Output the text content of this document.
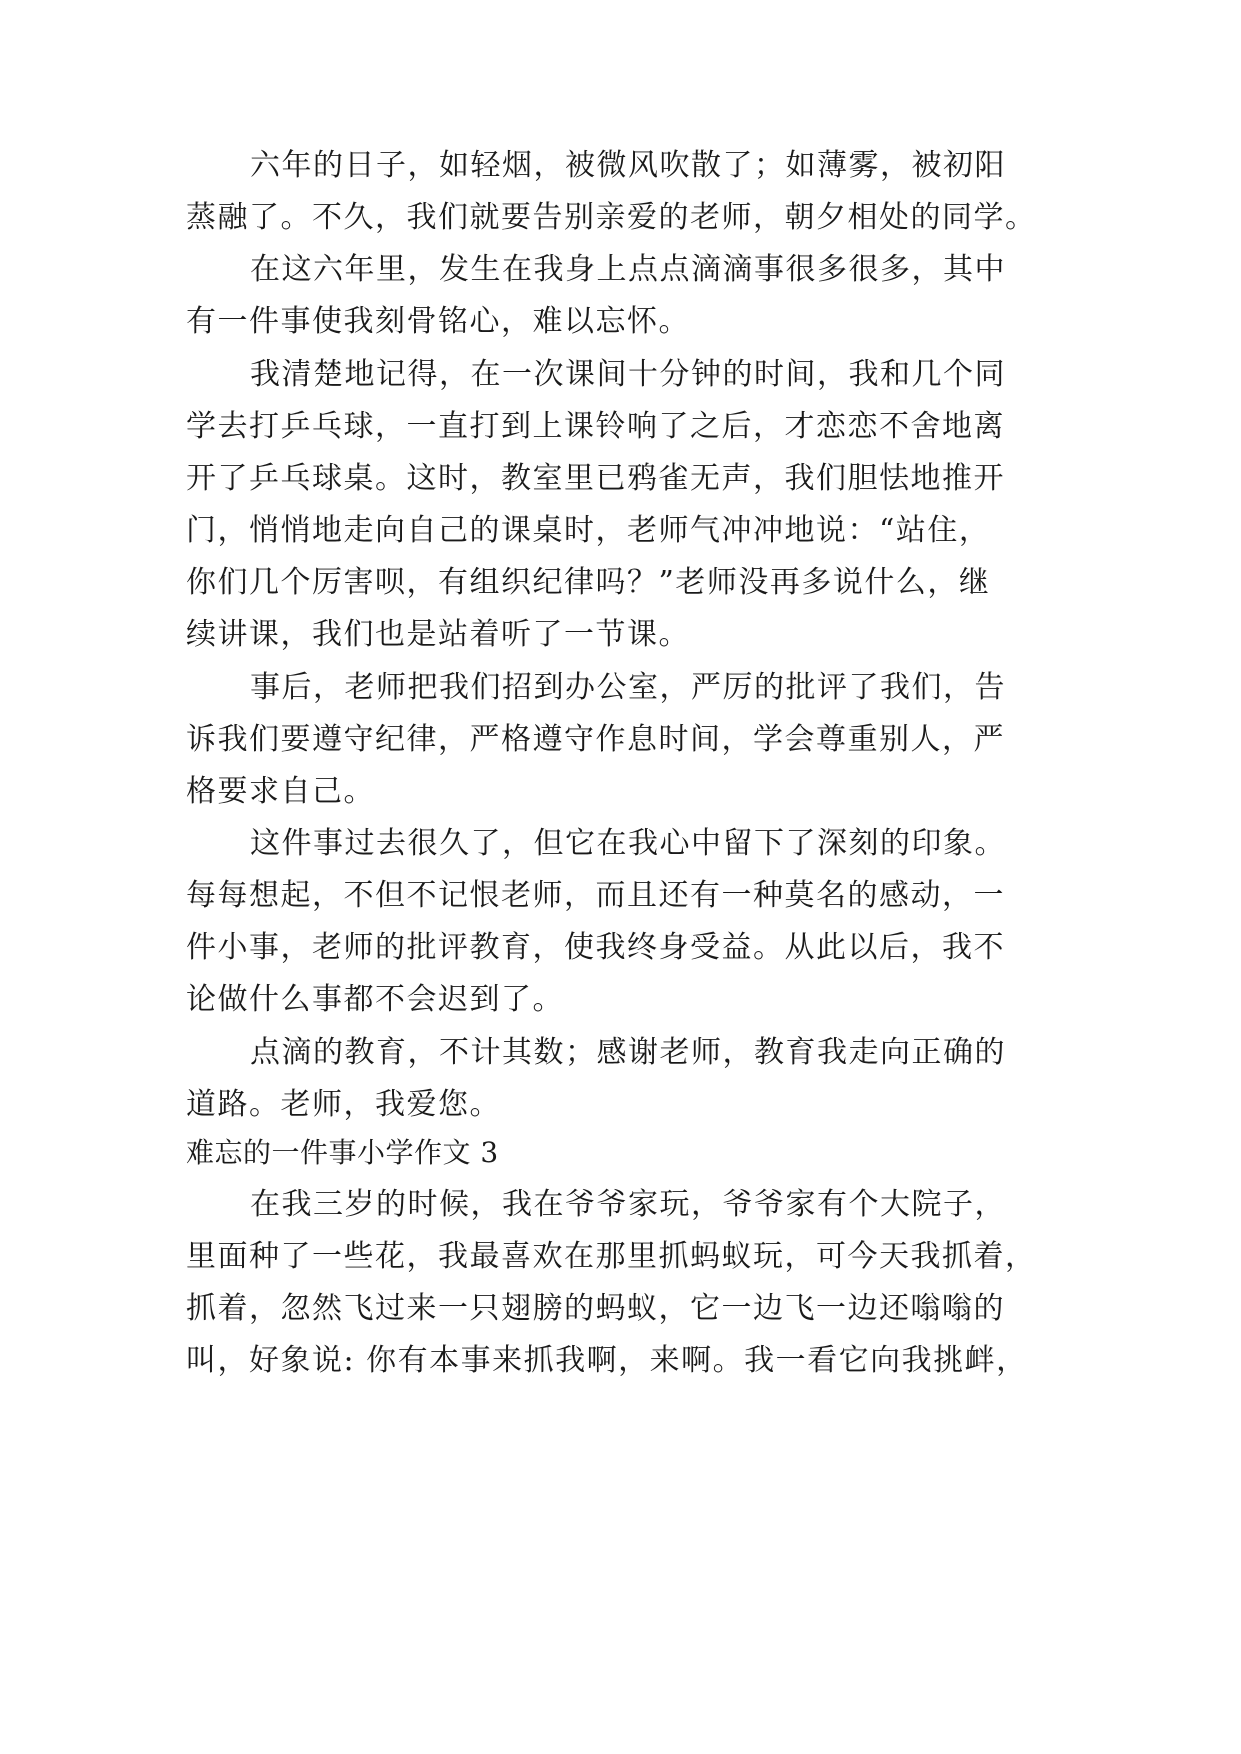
六年的日子，如轻烟，被微风吹散了；如薄雾，被初阳
蒸融了。不久，我们就要告别亲爱的老师，朝夕相处的同学。
在这六年里，发生在我身上点点滴滴事很多很多，其中
有一件事使我刻骨铭心，难以忘怀。
我清楚地记得，在一次课间十分钟的时间，我和几个同
学去打乒乓球，一直打到上课铃响了之后，才恋恋不舍地离
开了乒乓球桌。这时，教室里已鸦雀无声，我们胆怯地推开
门，悄悄地走向自己的课桌时，老师气冲冲地说：“站住，
你们几个厉害呗，有组织纪律吗？”老师没再多说什么，继
续讲课，我们也是站着听了一节课。
事后，老师把我们招到办公室，严厉的批评了我们，告
诉我们要遵守纪律，严格遵守作息时间，学会尊重别人，严
格要求自己。
这件事过去很久了，但它在我心中留下了深刻的印象。
每每想起，不但不记恨老师，而且还有一种莫名的感动，一
件小事，老师的批评教育，使我终身受益。从此以后，我不
论做什么事都不会迟到了。
点滴的教育，不计其数；感谢老师，教育我走向正确的
道路。老师，我爱您。
难忘的一件事小学作文 3
在我三岁的时候，我在爷爷家玩，爷爷家有个大院子，
里面种了一些花，我最喜欢在那里抓蚂蚁玩，可今天我抓着，
抓着，忽然飞过来一只翅膀的蚂蚁，它一边飞一边还嗡嗡的
叫，好象说: 你有本事来抓我啊，来啊。我一看它向我挑衅，
